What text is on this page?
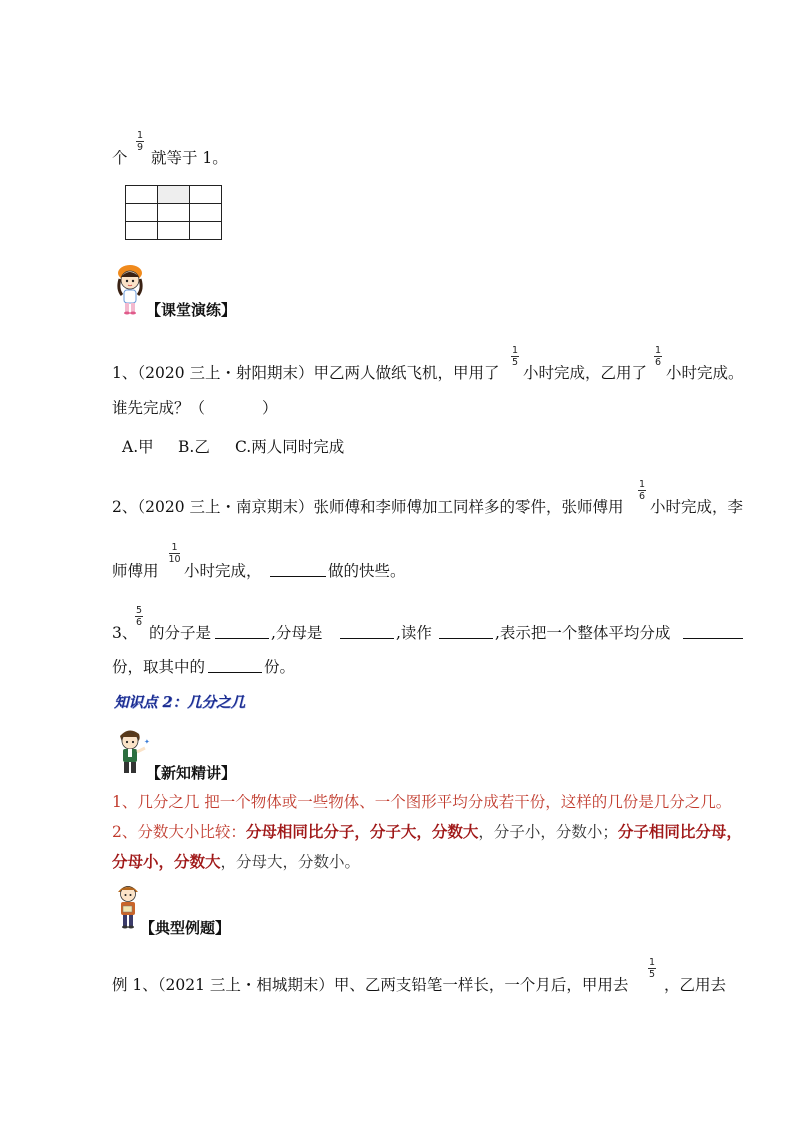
个
1
9
就等于 1。

【课堂演练】
1、（2020 三上・射阳期末）甲乙两人做纸飞机，甲用了
1
5
小时完成，乙用了
1
6
小时完成。
谁先完成？（	）
A.甲 B.乙 C.两人同时完成
2、（2020 三上・南京期末）张师傅和李师傅加工同样多的零件，张师傅用
1
6
小时完成，李
师傅用
1
10
小时完成，	做的快些。
3、
5
6
的分子是	,分母是	,读作	,表示把一个整体平均分成
份，取其中的	份。
知识点 2：几分之几
✦
【新知精讲】
1、几分之几 把一个物体或一些物体、一个图形平均分成若干份，这样的几份是几分之几。
2、分数大小比较：分母相同比分子，分子大，分数大，分子小，分数小；分子相同比分母，
分母小，分数大，分母大，分数小。
【典型例题】
例 1、（2021 三上・相城期末）甲、乙两支铅笔一样长，一个月后，甲用去
1
5
，乙用去
